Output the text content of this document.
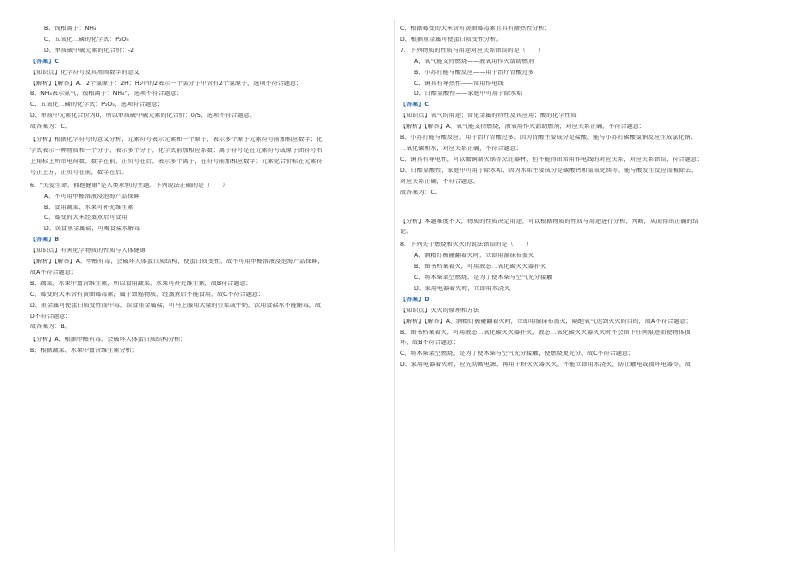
B、钱根离子：NH₄
C、五氧化二磷的化学式：P₂O₅
D、单质硫中硫元素的化合价：-2
【答案】C
【知识点】化学符号及其周围数字的意义
【解析】【解答】A．2个氢原子：2H；H₂中的2表示一个氢分子中含有2个氢原子，选项不符合题意；
B、NH₄表示氨气，铵根离子：NH₄⁺，选项不符合题意；
C、五氧化二磷的化学式：P₂O₅，选项符合题意；
D、单质中元素化合价为0，所以单质硫中硫元素的化合价：0/S，选项不符合题意。
故答案为：C。
【分析】根据化学符号的意义分析，元素符号表示元素和一个原子，表示多个原子元素符号前加相应数字；化
学式表示一种物质和一个分子，表示多个分子，化学式前加相应系数；离子符号是在元素符号或原子团符号右
上角标上所带电荷数，数字在前，正负号在后，表示多个离子，在符号前加相应数字；元素化合价标在元素符
号正上方，正负号在前，数字在后。
6．"关爱生命、拥抱健康"是人类永恒的主题。下列说法正确的是（　　）
A、不可用甲醛溶液浸泡海产品保鲜
B、食用蔬菜、水果可补充维生素
C、霉变的大米经蒸煮后可食用
D、误食重金属盐，可喝食盐水解毒
【答案】B
【知识点】有害化学物质的性质与人体健康
【解析】【解答】A、甲醛有毒，会破坏人体蛋白质结构，使蛋白质变性，故不可用甲醛溶液浸泡海产品保鲜，
故A不符合题意；
B、蔬菜、水果中富含维生素，所以食用蔬菜、水果可补充维生素，故B符合题意；
C、霉变的大米含有黄曲霉毒素，属于致癌物质，经蒸煮后不能食用，故C不符合题意；
D、重金属可使蛋白质变性而中毒，误食重金属盐，可马上服用大量的豆浆或牛奶，饮用食盐水不能解毒，故
D不符合题意；
故答案为：B。
【分析】A、根据甲醛有毒，会破坏人体蛋白质结构分析；
B、根据蔬菜、水果中富含维生素分析；
C、根据霉变的大米含有黄曲霉毒素且具有耐热性分析；
D、根据重金属可使蛋白质变性分析。
7．下列物质的性质与用途对应关系错误的是（　　）
A、氧气能支持燃烧——液氧用作火箭助燃剂
B、小苏打能与酸反应——用于治疗胃酸过多
C、铜具有导热性——常用作电线
D、白醋显酸性——家庭中可用于除水垢
【答案】C
【知识点】氧气的用途；常见金属的特性及其应用；酸的化学性质
【解析】【解答】A、氧气能支持燃烧，液氧用作火箭助燃剂，对应关系正确，不符合题意；
B、小苏打能与酸反应，用于治疗胃酸过多，因为胃酸主要成分是盐酸，能与小苏打碳酸氢钠反应生成氯化钠、
二氧化碳和水，对应关系正确，不符合题意；
C、铜具有导电性，可以做铜制火锅等烹饪器材，但不能得出常用作电线的对应关系，对应关系错误，符合题意；
D、白醋显酸性，家庭中可用于除水垢，因为水垢主要成分是碳酸钙和氢氧化镁等，能与酸发生反应而被除去，
对应关系正确，不符合题意。
故答案为：C。
【分析】本题难度不大，物质的性质决定用途，可以根据物质的性质与用途进行分析、判断，从而得出正确的结
论。
8．下列关于燃烧和灭火的说法错误的是（　　）
A、酒精灯被碰翻着火时，立即用湿抹布盖灭
B、图书档案着火，可用液态二氧化碳灭火器扑灭
C、将木柴架空燃烧，是为了使木柴与空气充分接触
D、家用电器着火时，立即用水浇灭
【答案】D
【知识点】灭火的原理和方法
【解析】【解答】A、酒精灯被碰翻着火时，立即用湿抹布盖灭，隔绝氧气达到灭火的目的，故A不符合题意；
B、图书档案着火，可用液态二氧化碳灭火器扑灭，液态二氧化碳灭火器灭火时不会留下任何痕迹而使物体损
坏，故B不符合题意；
C、将木柴架空燃烧，是为了使木柴与空气充分接触，使燃烧更充分，故C不符合题意；
D、家用电器着火时，应先切断电源，再用干粉灭火器灭火，不能立即用水浇灭，防止触电或损坏电器等，故
